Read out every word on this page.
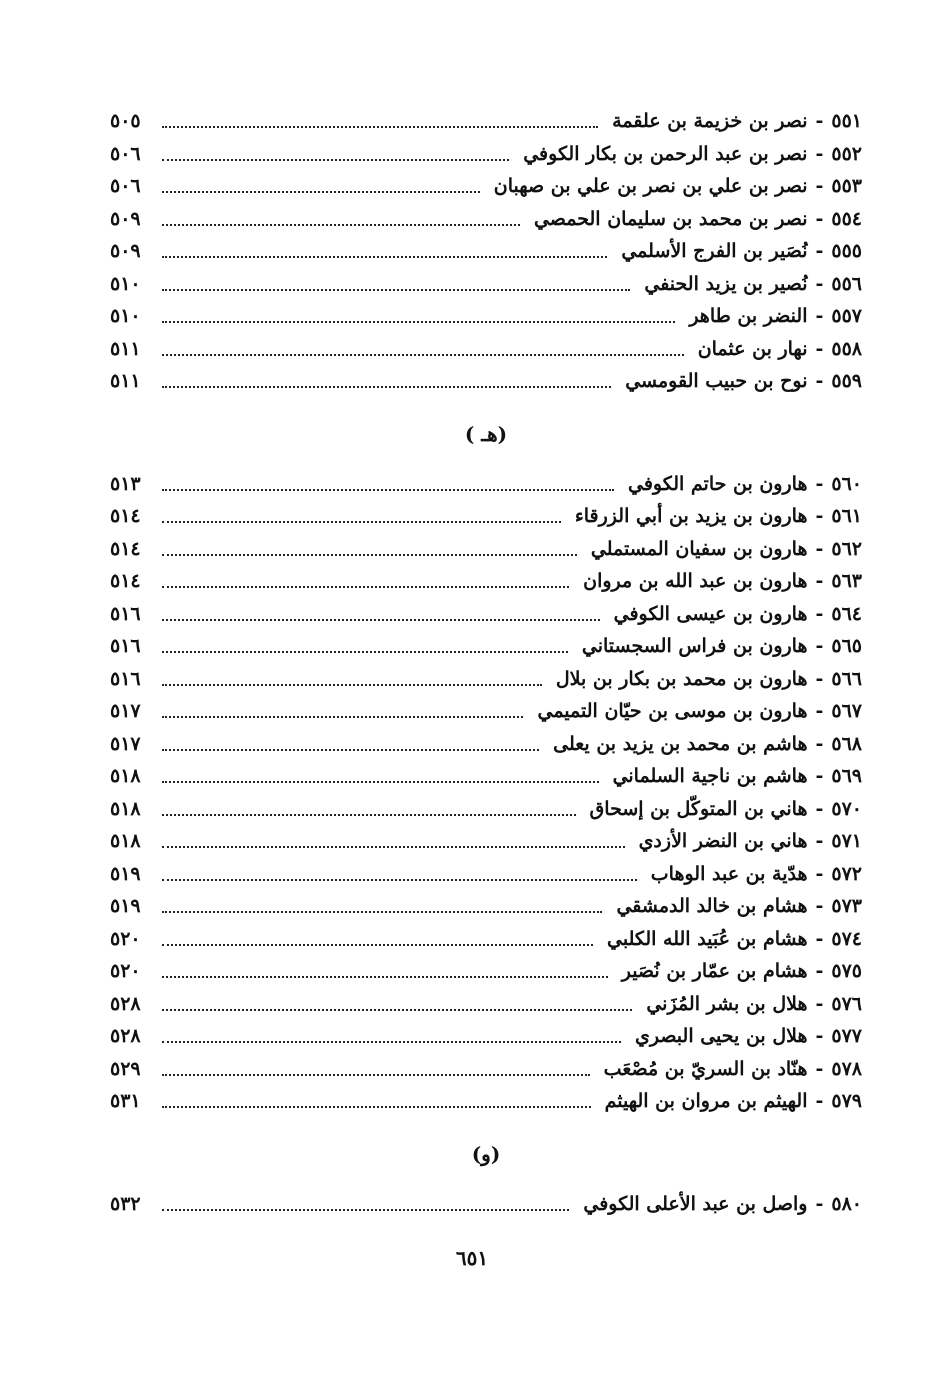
٥٥١
-
نصر بن خزيمة بن علقمة
٥٠٥
٥٥٢
-
نصر بن عبد الرحمن بن بكار الكوفي
٥٠٦
٥٥٣
-
نصر بن علي بن نصر بن علي بن صهبان
٥٠٦
٥٥٤
-
نصر بن محمد بن سليمان الحمصي
٥٠٩
٥٥٥
-
نُصَير بن الفرج الأسلمي
٥٠٩
٥٥٦
-
نُصير بن يزيد الحنفي
٥١٠
٥٥٧
-
النضر بن طاهر
٥١٠
٥٥٨
-
نهار بن عثمان
٥١١
٥٥٩
-
نوح بن حبيب القومسي
٥١١
(هـ )
٥٦٠
-
هارون بن حاتم الكوفي
٥١٣
٥٦١
-
هارون بن يزيد بن أبي الزرقاء
٥١٤
٥٦٢
-
هارون بن سفيان المستملي
٥١٤
٥٦٣
-
هارون بن عبد الله بن مروان
٥١٤
٥٦٤
-
هارون بن عيسى الكوفي
٥١٦
٥٦٥
-
هارون بن فراس السجستاني
٥١٦
٥٦٦
-
هارون بن محمد بن بكار بن بلال
٥١٦
٥٦٧
-
هارون بن موسى بن حيّان التميمي
٥١٧
٥٦٨
-
هاشم بن محمد بن يزيد بن يعلى
٥١٧
٥٦٩
-
هاشم بن ناجية السلماني
٥١٨
٥٧٠
-
هاني بن المتوكّل بن إسحاق
٥١٨
٥٧١
-
هاني بن النضر الأزدي
٥١٨
٥٧٢
-
هدّية بن عبد الوهاب
٥١٩
٥٧٣
-
هشام بن خالد الدمشقي
٥١٩
٥٧٤
-
هشام بن عُبَيد الله الكلبي
٥٢٠
٥٧٥
-
هشام بن عمّار بن نُصَير
٥٢٠
٥٧٦
-
هلال بن بشر المُزَني
٥٢٨
٥٧٧
-
هلال بن يحيى البصري
٥٢٨
٥٧٨
-
هنّاد بن السريّ بن مُصْعَب
٥٢٩
٥٧٩
-
الهيثم بن مروان بن الهيثم
٥٣١
(و)
٥٨٠
-
واصل بن عبد الأعلى الكوفي
٥٣٢
٦٥١
